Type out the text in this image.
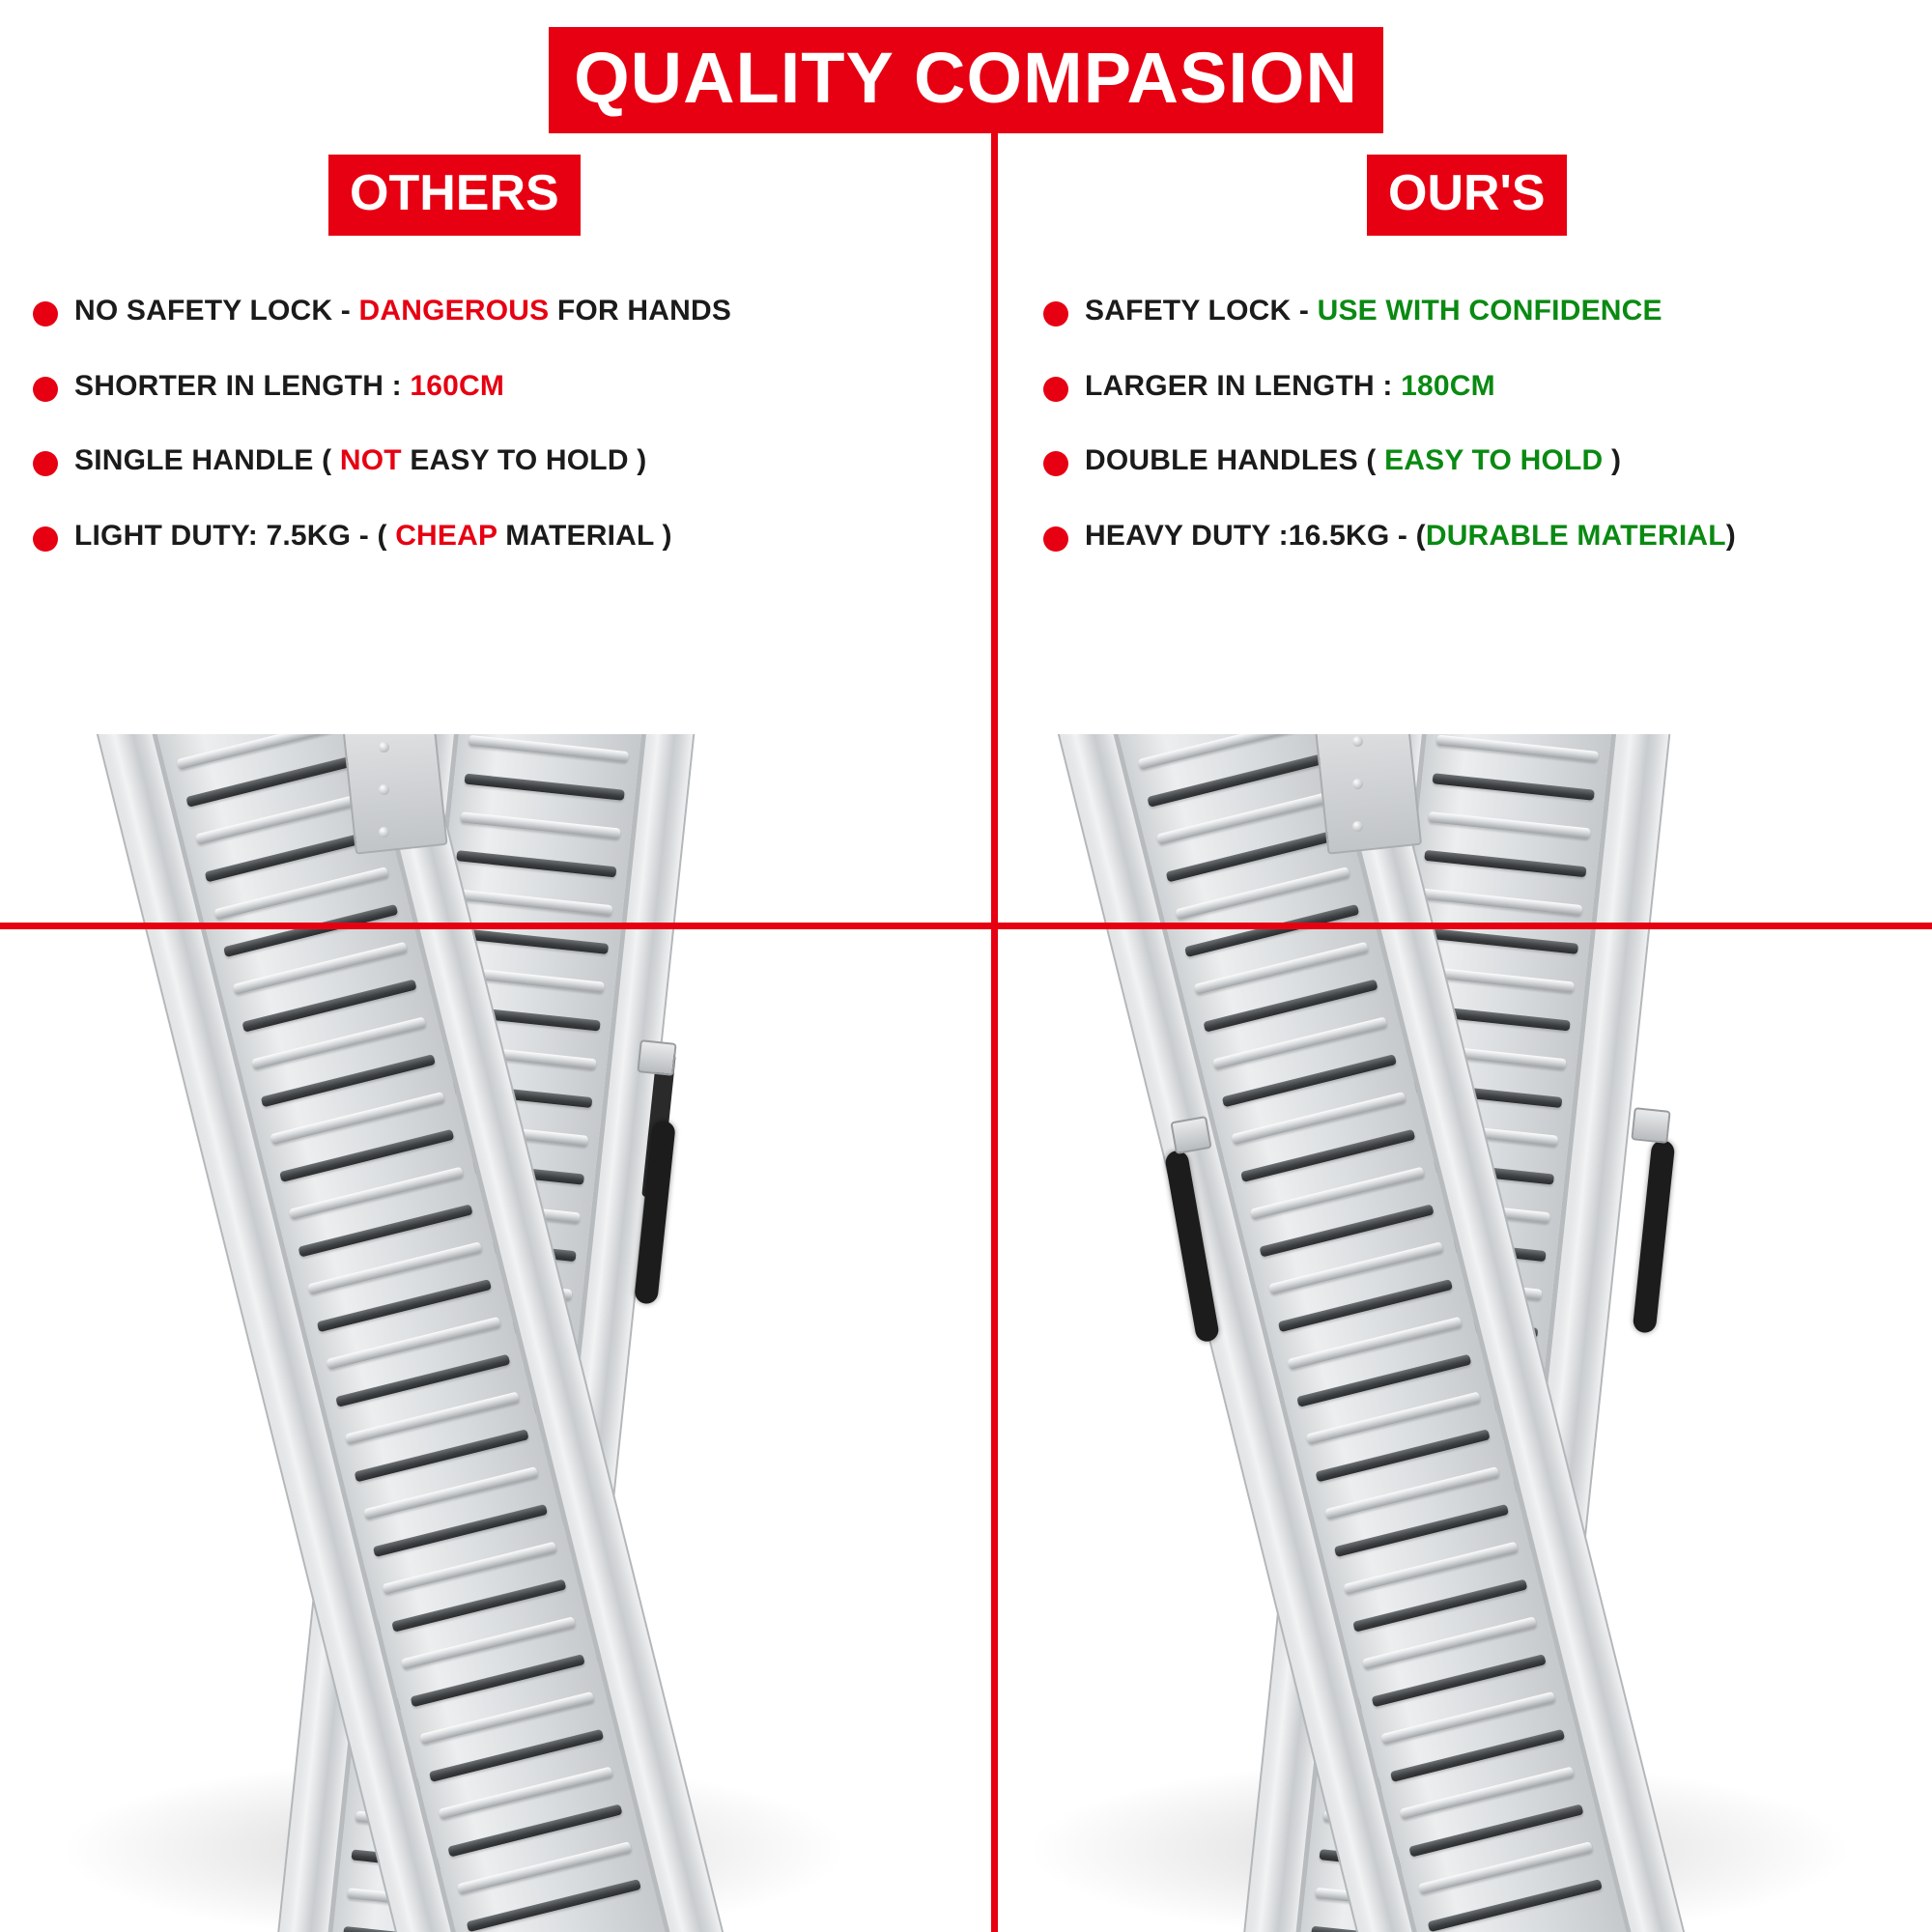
QUALITY COMPASION
OTHERS	OUR'S
NO SAFETY LOCK - DANGEROUS FOR HANDS
SHORTER IN LENGTH : 160CM
SINGLE HANDLE ( NOT EASY TO HOLD )
LIGHT DUTY: 7.5KG - ( CHEAP MATERIAL )
SAFETY LOCK - USE WITH CONFIDENCE
LARGER IN LENGTH : 180CM
DOUBLE HANDLES ( EASY TO HOLD )
HEAVY DUTY :16.5KG - (DURABLE MATERIAL)
